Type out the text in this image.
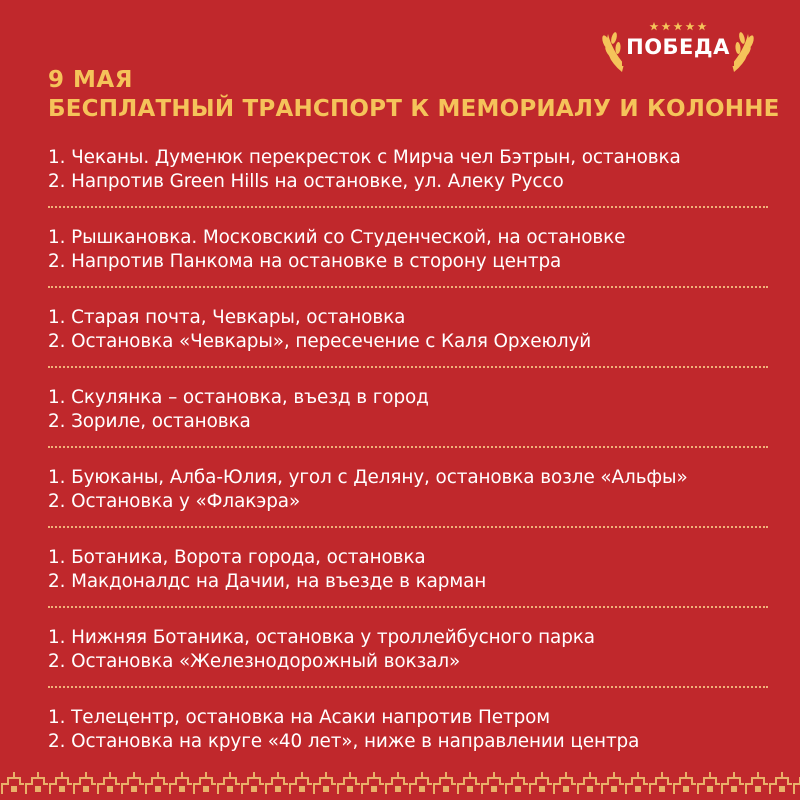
ПОБЕДА
9 МАЯ
БЕСПЛАТНЫЙ ТРАНСПОРТ К МЕМОРИАЛУ И КОЛОННЕ
1. Чеканы. Думенюк перекресток с Мирча чел Бэтрын, остановка
2. Напротив Green Hills на остановке, ул. Алеку Руссо
1. Рышкановка. Московский со Студенческой, на остановке
2. Напротив Панкома на остановке в сторону центра
1. Старая почта, Чевкары, остановка
2. Остановка «Чевкары», пересечение с Каля Орхеюлуй
1. Скулянка – остановка, въезд в город
2. Зориле, остановка
1. Буюканы, Алба-Юлия, угол с Деляну, остановка возле «Альфы»
2. Остановка у «Флакэра»
1. Ботаника, Ворота города, остановка
2. Макдоналдс на Дачии, на въезде в карман
1. Нижняя Ботаника, остановка у троллейбусного парка
2. Остановка «Железнодорожный вокзал»
1. Телецентр, остановка на Асаки напротив Петром
2. Остановка на круге «40 лет», ниже в направлении центра
